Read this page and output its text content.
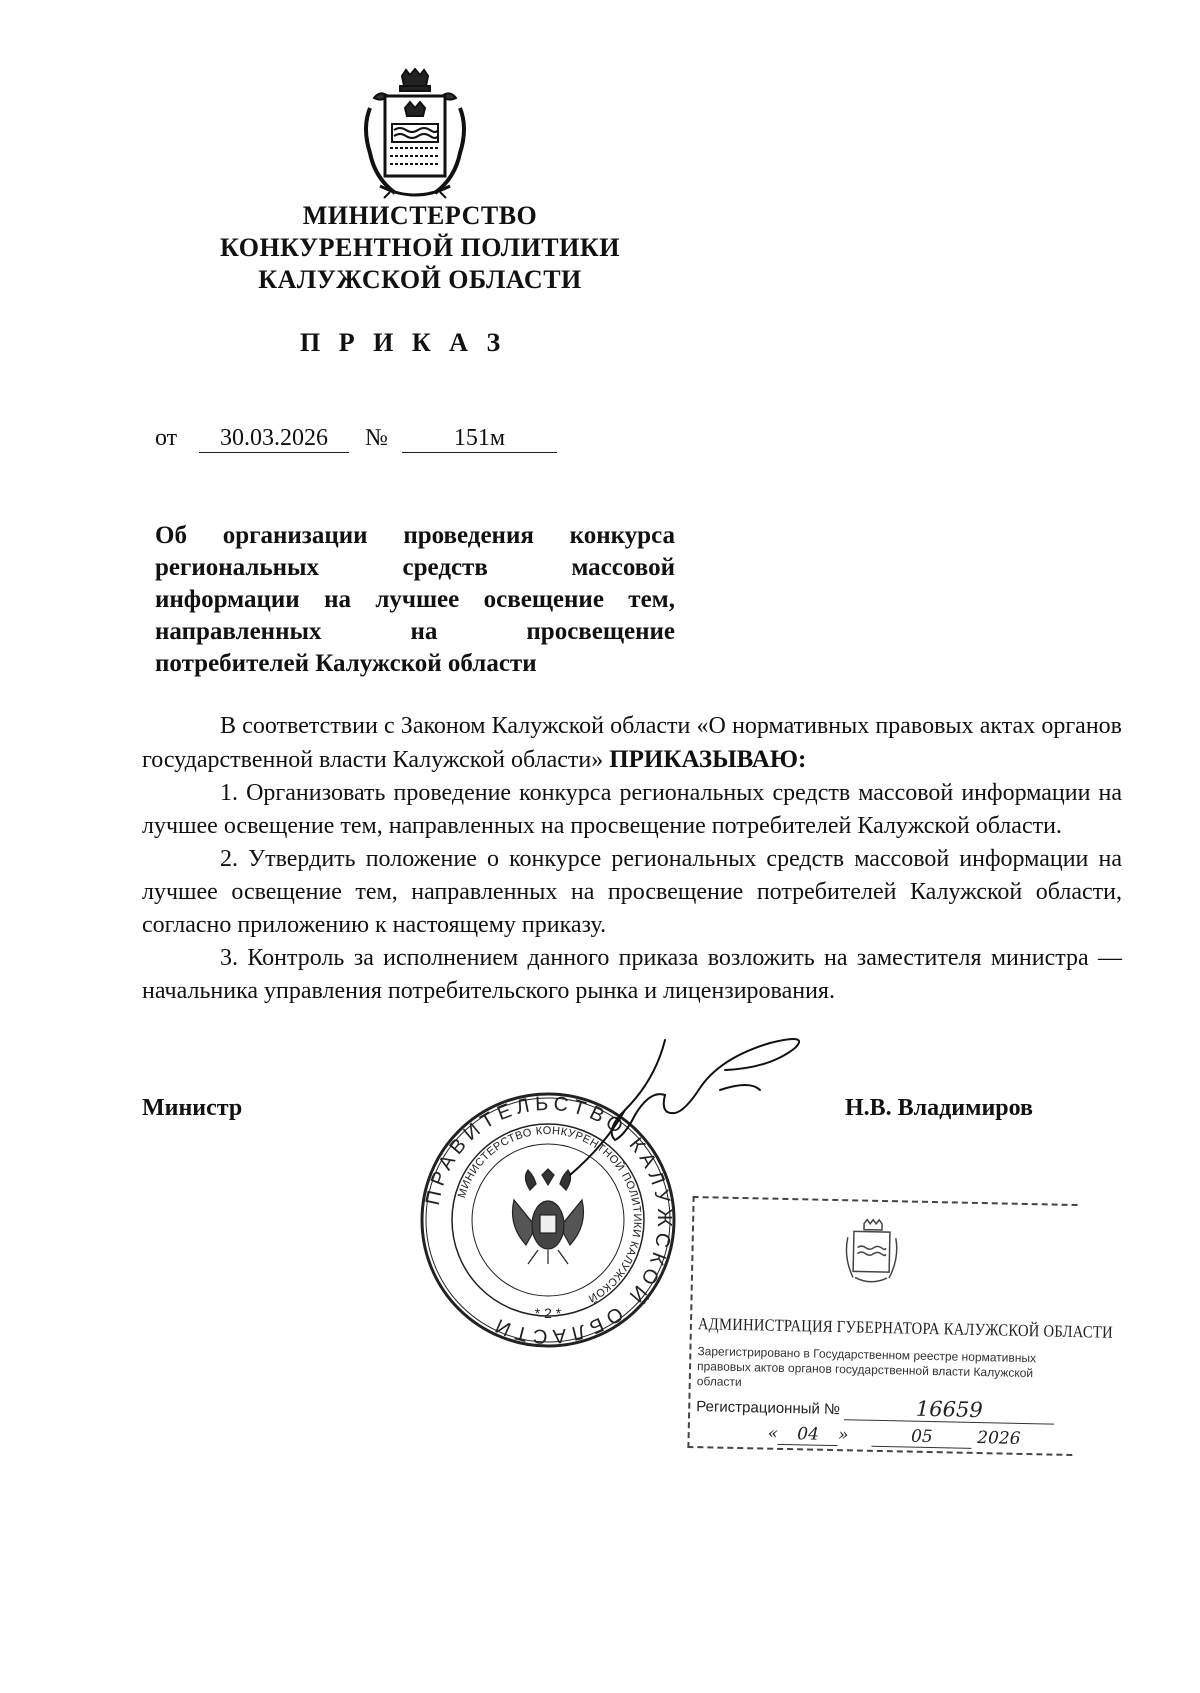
МИНИСТЕРСТВО
КОНКУРЕНТНОЙ ПОЛИТИКИ
КАЛУЖСКОЙ ОБЛАСТИ
П Р И К А З
от	30.03.2026	№	151м
Об организации проведения конкурса
региональных	средств	массовой
информации на лучшее освещение тем,
направленных	на	просвещение
потребителей Калужской области

В соответствии с Законом Калужской области «О нормативных правовых актах органов государственной власти Калужской области» ПРИКАЗЫВАЮ:

1. Организовать проведение конкурса региональных средств массовой информации на лучшее освещение тем, направленных на просвещение потребителей Калужской области.

2. Утвердить положение о конкурсе региональных средств массовой информации на лучшее освещение тем, направленных на просвещение потребителей Калужской области, согласно приложению к настоящему приказу.

3. Контроль за исполнением данного приказа возложить на заместителя министра — начальника управления потребительского рынка и лицензирования.

Министр	Н.В. Владимиров
ПРАВИТЕЛЬСТВО КАЛУЖСКОЙ ОБЛАСТИ
МИНИСТЕРСТВО КОНКУРЕНТНОЙ ПОЛИТИКИ КАЛУЖСКОЙ
* 2 *
АДМИНИСТРАЦИЯ ГУБЕРНАТОРА КАЛУЖСКОЙ ОБЛАСТИ
Зарегистрировано в Государственном реестре нормативных правовых актов органов государственной власти Калужской области
Регистрационный №	16659
« 04 »	05	2026
